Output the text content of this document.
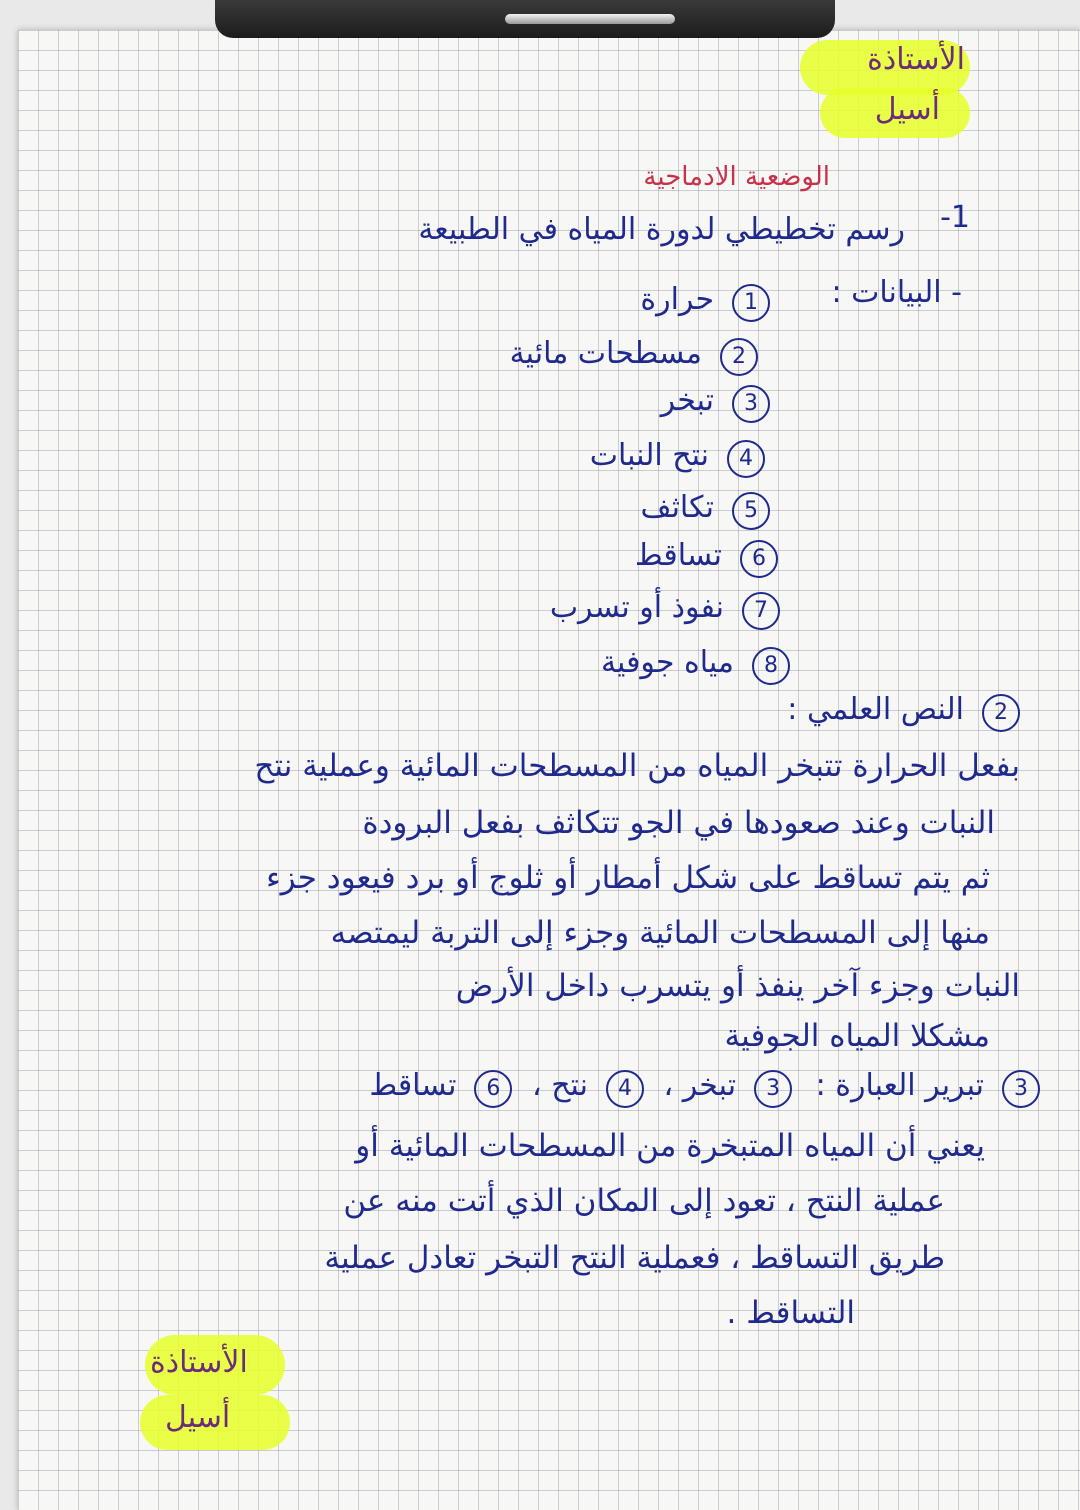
الأستاذة
أسيل
الوضعية الادماجية
1-
رسم تخطيطي لدورة المياه في الطبيعة
- البيانات :
1حرارة
2مسطحات مائية
3تبخر
4نتح النبات
5تكاثف
6تساقط
7نفوذ أو تسرب
8مياه جوفية
2النص العلمي :
بفعل الحرارة تتبخر المياه من المسطحات المائية وعملية نتح
النبات وعند صعودها في الجو تتكاثف بفعل البرودة
ثم يتم تساقط على شكل أمطار أو ثلوج أو برد فيعود جزء
منها إلى المسطحات المائية وجزء إلى التربة ليمتصه
النبات وجزء آخر ينفذ أو يتسرب داخل الأرض
مشكلا المياه الجوفية
3تبرير العبارة : 3تبخر ، 4نتح ، 6تساقط
يعني أن المياه المتبخرة من المسطحات المائية أو
عملية النتح ، تعود إلى المكان الذي أتت منه عن
طريق التساقط ، فعملية النتح التبخر تعادل عملية
التساقط .
الأستاذة
أسيل
